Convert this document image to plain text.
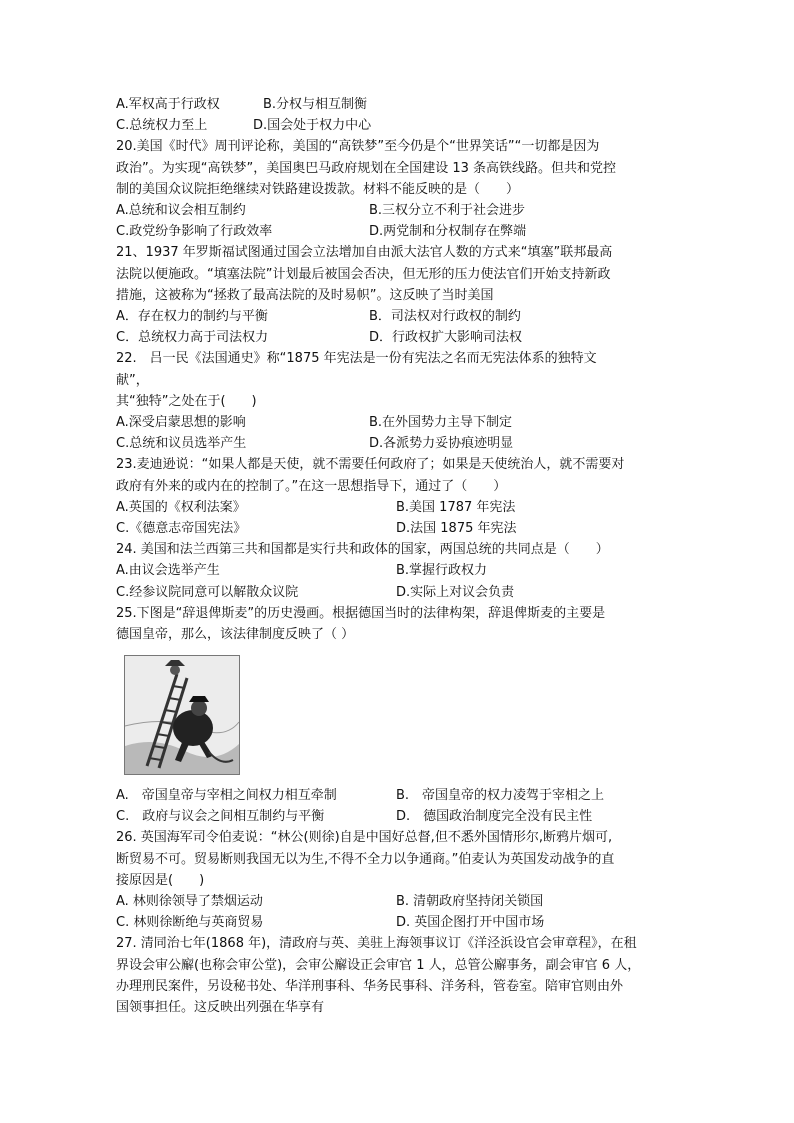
A.军权高于行政权	B.分权与相互制衡
C.总统权力至上	D.国会处于权力中心
20.美国《时代》周刊评论称，美国的“高铁梦”至今仍是个“世界笑话”“一切都是因为
政治”。为实现“高铁梦”，美国奥巴马政府规划在全国建设 13 条高铁线路。但共和党控
制的美国众议院拒绝继续对铁路建设拨款。材料不能反映的是（　　）
A.总统和议会相互制约	B.三权分立不利于社会进步
C.政党纷争影响了行政效率	D.两党制和分权制存在弊端
21、1937 年罗斯福试图通过国会立法增加自由派大法官人数的方式来“填塞”联邦最高
法院以便施政。“填塞法院”计划最后被国会否决，但无形的压力使法官们开始支持新政
措施，这被称为“拯救了最高法院的及时易帜”。这反映了当时美国
A．存在权力的制约与平衡	B．司法权对行政权的制约
C．总统权力高于司法权力	D．行政权扩大影响司法权
22.　吕一民《法国通史》称“1875 年宪法是一份有宪法之名而无宪法体系的独特文
献”，
其“独特”之处在于(　　)
A.深受启蒙思想的影响	B.在外国势力主导下制定
C.总统和议员选举产生	D.各派势力妥协痕迹明显
23.麦迪逊说：“如果人都是天使，就不需要任何政府了；如果是天使统治人，就不需要对
政府有外来的或内在的控制了。”在这一思想指导下，通过了（　　）
A.英国的《权利法案》	B.美国 1787 年宪法
C.《德意志帝国宪法》	D.法国 1875 年宪法
24. 美国和法兰西第三共和国都是实行共和政体的国家，两国总统的共同点是（　　）
A.由议会选举产生	B.掌握行政权力
C.经参议院同意可以解散众议院	D.实际上对议会负责
25.下图是“辞退俾斯麦”的历史漫画。根据德国当时的法律构架，辞退俾斯麦的主要是
德国皇帝，那么，该法律制度反映了（ ）
A.　帝国皇帝与宰相之间权力相互牵制	B.　帝国皇帝的权力凌驾于宰相之上
C.　政府与议会之间相互制约与平衡	D.　德国政治制度完全没有民主性
26. 英国海军司令伯麦说：“林公(则徐)自是中国好总督,但不悉外国情形尔,断鸦片烟可,
断贸易不可。贸易断则我国无以为生,不得不全力以争通商。”伯麦认为英国发动战争的直
接原因是(　　)
A. 林则徐领导了禁烟运动	B. 清朝政府坚持闭关锁国
C. 林则徐断绝与英商贸易	D. 英国企图打开中国市场
27. 清同治七年(1868 年)，清政府与英、美驻上海领事议订《洋泾浜设官会审章程》，在租
界设会审公廨(也称会审公堂)，会审公廨设正会审官 1 人，总管公廨事务，副会审官 6 人，
办理刑民案件，另设秘书处、华洋刑事科、华务民事科、洋务科，管卷室。陪审官则由外
国领事担任。这反映出列强在华享有
